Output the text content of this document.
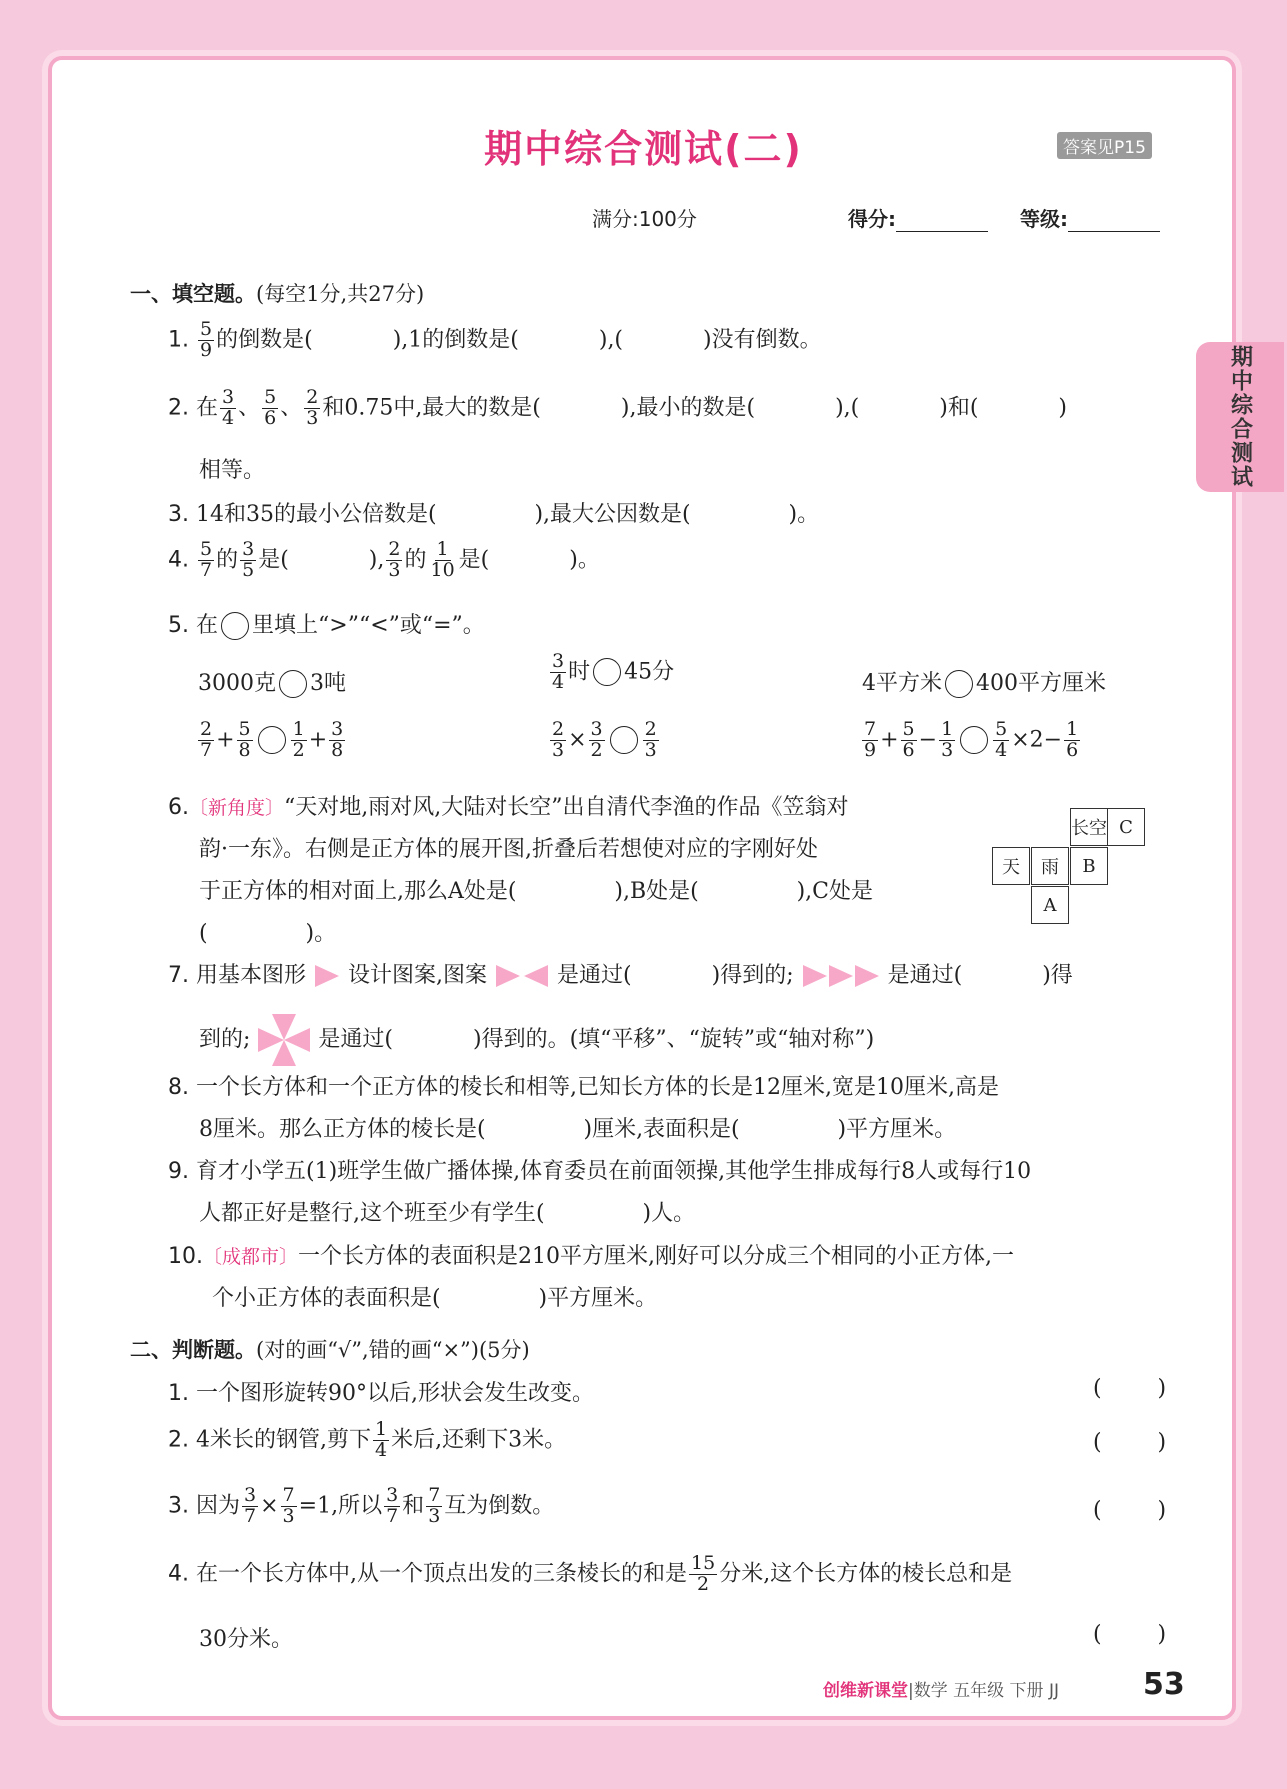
期中综合测试
期中综合测试(二)	答案见P15
满分:100分	得分:	等级:
一、填空题。(每空1分,共27分)
1. $\frac{5}{9}$ 的倒数是(	),1的倒数是(	),(	)没有倒数。
2. 在 $\frac{3}{4}$ 、 $\frac{5}{6}$ 、 $\frac{2}{3}$ 和0.75中,最大的数是(	),最小的数是(	),(	)和(	)
相等。
3. 14和35的最小公倍数是(              ),最大公因数是(              )。
4. $\frac{5}{7}$ 的 $\frac{3}{5}$ 是(	), $\frac{2}{3}$ 的 $\frac{1}{10}$ 是(	)。
5. 在 里填上“>”“<”或“=”。
3000克 3吨	$\frac{3}{4}$ 时 45分	4平方米 400平方厘米
$\frac{2}{7} + \frac{5}{8} \frac{1}{2} + \frac{3}{8}$	$\frac{2}{3} \times \frac{3}{2} \frac{2}{3}$	$\frac{7}{9} + \frac{5}{6} - \frac{1}{3} \frac{5}{4} \times 2- \frac{1}{6}$
6.〔新角度〕“天对地,雨对风,大陆对长空”出自清代李渔的作品《笠翁对
韵·一东》。右侧是正方体的展开图,折叠后若想使对应的字刚好处
于正方体的相对面上,那么A处是(              ),B处是(              ),C处是
(              )。
长空 C
天	雨	B
A
7. 用基本图形 设计图案,图案	是通过(	)得到的;	是通过(	)得
到的;	是通过(	)得到的。(填“平移”、“旋转”或“轴对称”)
8. 一个长方体和一个正方体的棱长和相等,已知长方体的长是12厘米,宽是10厘米,高是
8厘米。那么正方体的棱长是(              )厘米,表面积是(              )平方厘米。
9. 育才小学五(1)班学生做广播体操,体育委员在前面领操,其他学生排成每行8人或每行10
人都正好是整行,这个班至少有学生(              )人。
10.〔成都市〕一个长方体的表面积是210平方厘米,刚好可以分成三个相同的小正方体,一
个小正方体的表面积是(              )平方厘米。
二、判断题。(对的画“√”,错的画“×”)(5分)
1. 一个图形旋转90°以后,形状会发生改变。	(        )
2. 4米长的钢管,剪下 $\frac{1}{4}$ 米后,还剩下3米。	(        )
3. 因为 $\frac{3}{7} \times \frac{7}{3} =1$,所以 $\frac{3}{7}$ 和 $\frac{7}{3}$ 互为倒数。	(        )
4. 在一个长方体中,从一个顶点出发的三条棱长的和是 $\frac{15}{2}$ 分米,这个长方体的棱长总和是
30分米。	(        )
创维新课堂|数学 五年级 下册 JJ	53
